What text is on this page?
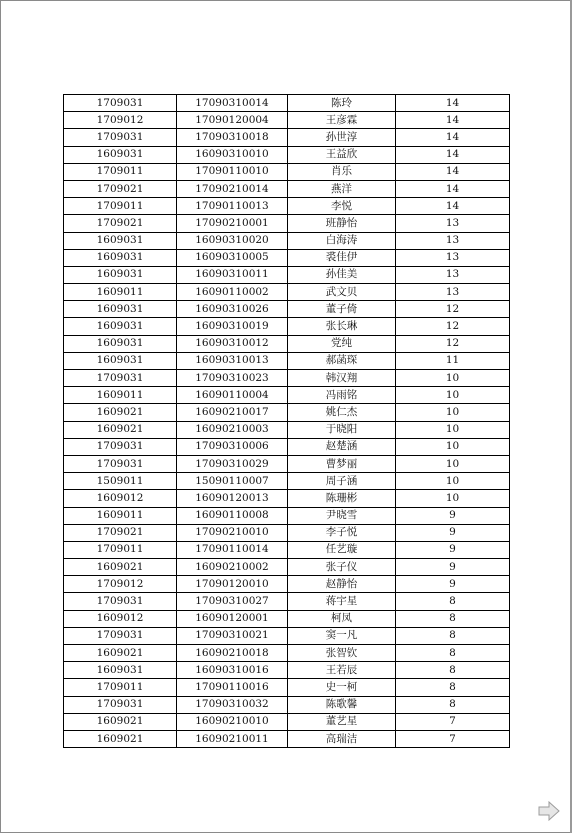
1709031	17090310014	陈玲	14
1709012	17090120004	王彦霖	14
1709031	17090310018	孙世淳	14
1609031	16090310010	王益欣	14
1709011	17090110010	肖乐	14
1709021	17090210014	燕洋	14
1709011	17090110013	李悦	14
1709021	17090210001	班静怡	13
1609031	16090310020	白海涛	13
1609031	16090310005	裘佳伊	13
1609031	16090310011	孙佳美	13
1609011	16090110002	武文贝	13
1609031	16090310026	董子倚	12
1609031	16090310019	张长琳	12
1609031	16090310012	党纯	12
1609031	16090310013	郝菡琛	11
1709031	17090310023	韩汉翔	10
1609011	16090110004	冯雨铭	10
1609021	16090210017	姚仁杰	10
1609021	16090210003	于晓阳	10
1709031	17090310006	赵楚涵	10
1709031	17090310029	曹梦丽	10
1509011	15090110007	周子涵	10
1609012	16090120013	陈珊彬	10
1609011	16090110008	尹晓雪	9
1709021	17090210010	李子悦	9
1709011	17090110014	任艺璇	9
1609021	16090210002	张子仪	9
1709012	17090120010	赵静怡	9
1709031	17090310027	蒋宇星	8
1609012	16090120001	柯凤	8
1709031	17090310021	窦一凡	8
1609021	16090210018	张智钦	8
1609031	16090310016	王若辰	8
1709011	17090110016	史一柯	8
1709031	17090310032	陈歌馨	8
1609021	16090210010	董艺星	7
1609021	16090210011	高瑞洁	7
